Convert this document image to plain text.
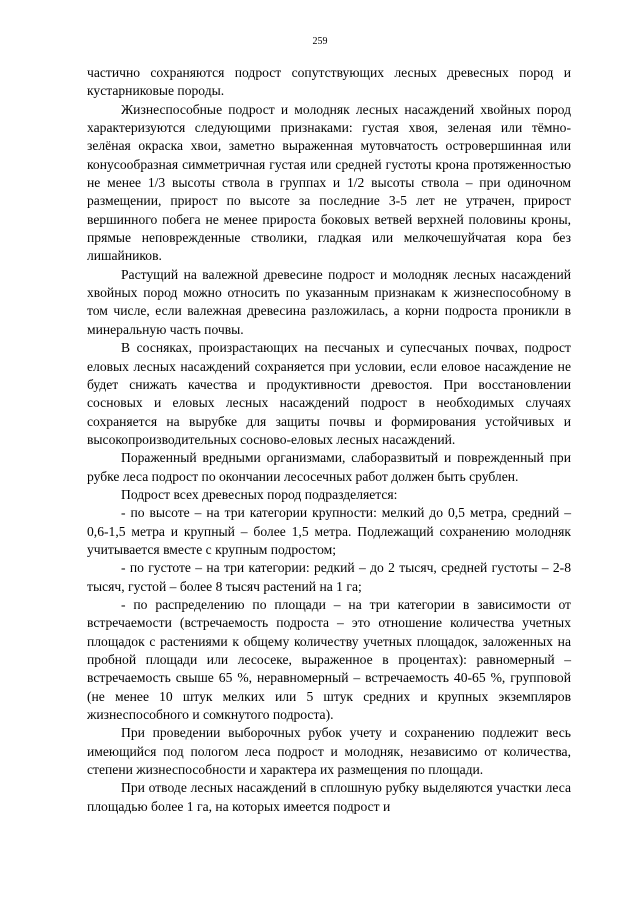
259

частично сохраняются подрост сопутствующих лесных древесных пород и кустарниковые породы.

Жизнеспособные подрост и молодняк лесных насаждений хвойных пород характеризуются следующими признаками: густая хвоя, зеленая или тёмно-зелёная окраска хвои, заметно выраженная мутовчатость островершинная или конусообразная симметричная густая или средней густоты крона протяженностью не менее 1/3 высоты ствола в группах и 1/2 высоты ствола – при одиночном размещении, прирост по высоте за последние 3-5 лет не утрачен, прирост вершинного побега не менее прироста боковых ветвей верхней половины кроны, прямые неповрежденные стволики, гладкая или мелкочешуйчатая кора без лишайников.

Растущий на валежной древесине подрост и молодняк лесных насаждений хвойных пород можно относить по указанным признакам к жизнеспособному в том числе, если валежная древесина разложилась, а корни подроста проникли в минеральную часть почвы.

В сосняках, произрастающих на песчаных и супесчаных почвах, подрост еловых лесных насаждений сохраняется при условии, если еловое насаждение не будет снижать качества и продуктивности древостоя. При восстановлении сосновых и еловых лесных насаждений подрост в необходимых случаях сохраняется на вырубке для защиты почвы и формирования устойчивых и высокопроизводительных сосново-еловых лесных насаждений.

Пораженный вредными организмами, слаборазвитый и поврежденный при рубке леса подрост по окончании лесосечных работ должен быть срублен.

Подрост всех древесных пород подразделяется:

- по высоте – на три категории крупности: мелкий до 0,5 метра, средний – 0,6-1,5 метра и крупный – более 1,5 метра. Подлежащий сохранению молодняк учитывается вместе с крупным подростом;

- по густоте – на три категории: редкий – до 2 тысяч, средней густоты – 2-8 тысяч, густой – более 8 тысяч растений на 1 га;

- по распределению по площади – на три категории в зависимости от встречаемости (встречаемость подроста – это отношение количества учетных площадок с растениями к общему количеству учетных площадок, заложенных на пробной площади или лесосеке, выраженное в процентах): равномерный – встречаемость свыше 65 %, неравномерный – встречаемость 40-65 %, групповой (не менее 10 штук мелких или 5 штук средних и крупных экземпляров жизнеспособного и сомкнутого подроста).

При проведении выборочных рубок учету и сохранению подлежит весь имеющийся под пологом леса подрост и молодняк, независимо от количества, степени жизнеспособности и характера их размещения по площади.

При отводе лесных насаждений в сплошную рубку выделяются участки леса площадью более 1 га, на которых имеется подрост и
